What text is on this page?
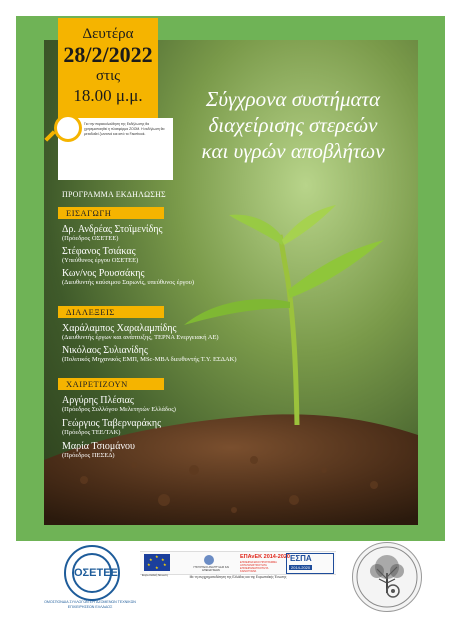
Δευτέρα
28/2/2022
στις
18.00 μ.μ.
Για την παρακολούθηση της Εκδήλωσης θα χρησιμοποιηθεί η πλατφόρμα ZOOM. Η εκδήλωση θα μεταδοθεί ζωντανά και από το Facebook.
Σύγχρονα συστήματα
διαχείρισης στερεών
και υγρών αποβλήτων
ΠΡΟΓΡΑΜΜΑ ΕΚΔΗΛΩΣΗΣ
ΕΙΣΑΓΩΓΗ
Δρ. Ανδρέας Στοϊμενίδης
(Πρόεδρος ΟΣΕΤΕΕ)
Στέφανος Τσιάκας
(Υπεύθυνος έργου ΟΣΕΤΕΕ)
Κων/νος Ρουσσάκης
(Διευθυντής καύσιμου Σαρωνίς, υπεύθυνος έργου)
ΔΙΑΛΕΞΕΙΣ
Χαράλαμπος Χαραλαμπίδης
(Διευθυντής έργων και ανάπτυξης, ΤΕΡΝΑ Ενεργειακή ΑΕ)
Νικόλαος Συλιανίδης
(Πολιτικός Μηχανικός ΕΜΠ, MSc-MBA διευθυντής Τ.Υ. ΕΣΔΑΚ)
ΧΑΙΡΕΤΙΖΟΥΝ
Αργύρης Πλέσιας
(Πρόεδρος Συλλόγου Μελετητών Ελλάδος)
Γεώργιος Ταβερναράκης
(Πρόεδρος ΤΕΕ/ΤΑΚ)
Μαρία Τσιομάνου
(Πρόεδρος ΠΕΣΕΔ)
ΟΣΕΤΕΕ
ΟΜΟΣΠΟΝΔΙΑ ΣΥΛΛΟΓΩΝ ΕΡΓΑΖΟΜΕΝΩΝ ΤΕΧΝΙΚΩΝ ΕΠΙΧΕΙΡΗΣΕΩΝ ΕΛΛΑΔΟΣ
★
★ ★
★	★
★
Ευρωπαϊκή Ένωση
ΥΠΟΥΡΓΕΙΟ ΑΝΑΠΤΥΞΗΣ ΚΑΙ ΕΠΕΝΔΥΣΕΩΝ
ΕΠΑνΕΚ 2014-2020
ΕΠΙΧΕΙΡΗΣΙΑΚΟ ΠΡΟΓΡΑΜΜΑ ΑΝΤΑΓΩΝΙΣΤΙΚΟΤΗΤΑ ΕΠΙΧΕΙΡΗΜΑΤΙΚΟΤΗΤΑ ΚΑΙΝΟΤΟΜΙΑ
ΕΣΠΑ
2014-2020
Με τη συγχρηματοδότηση της Ελλάδας και της Ευρωπαϊκής Ένωσης
